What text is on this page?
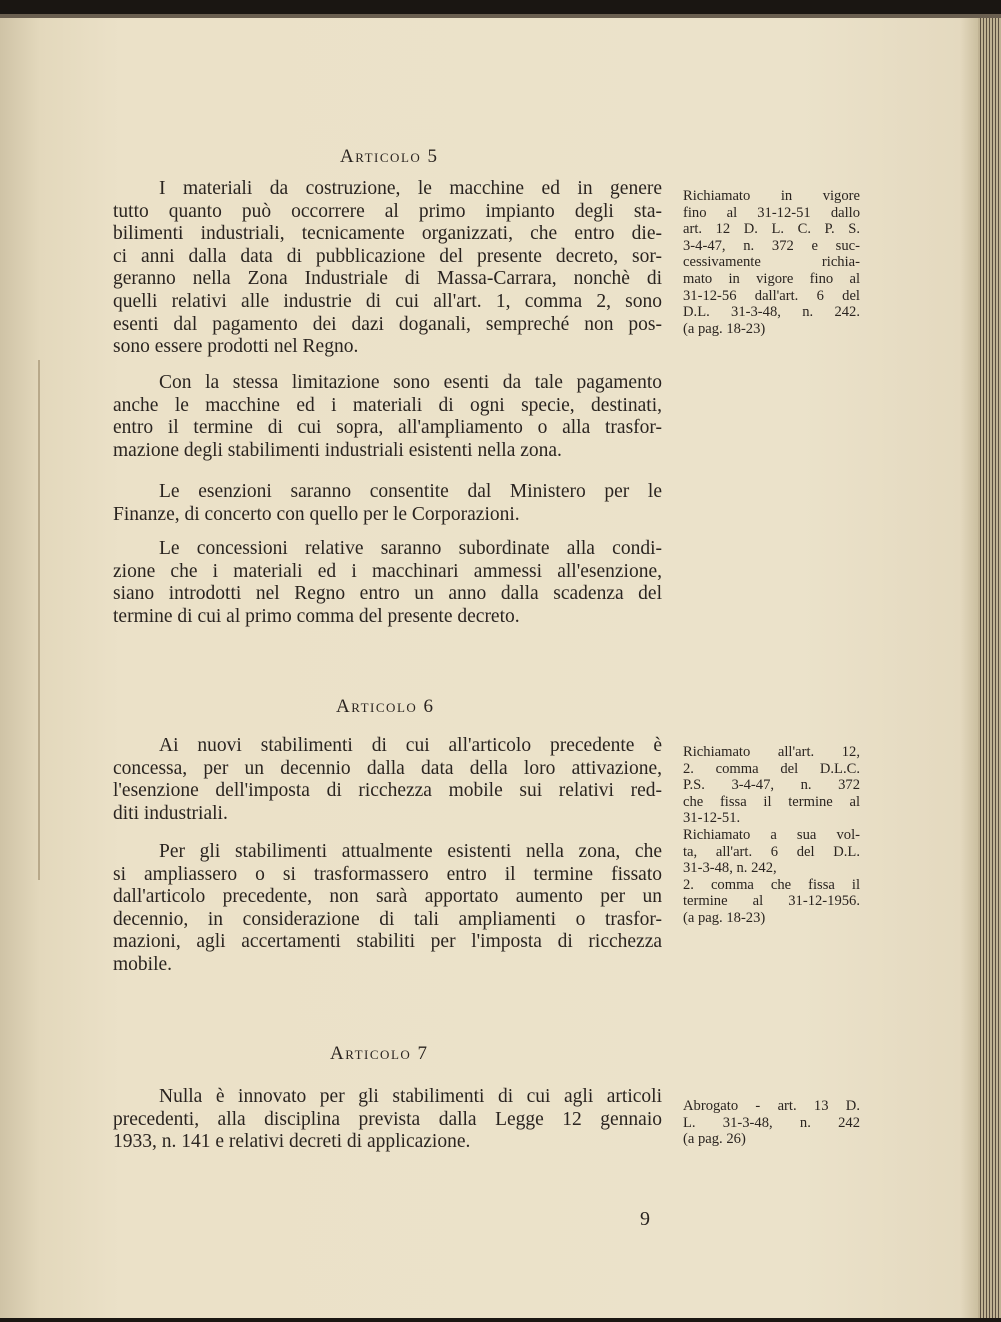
Articolo 5
I materiali da costruzione, le macchine ed in genere
tutto quanto può occorrere al primo impianto degli sta-
bilimenti industriali, tecnicamente organizzati, che entro die-
ci anni dalla data di pubblicazione del presente decreto, sor-
geranno nella Zona Industriale di Massa-Carrara, nonchè di
quelli relativi alle industrie di cui all'art. 1, comma 2, sono
esenti dal pagamento dei dazi doganali, sempreché non pos-
sono essere prodotti nel Regno.
Con la stessa limitazione sono esenti da tale pagamento
anche le macchine ed i materiali di ogni specie, destinati,
entro il termine di cui sopra, all'ampliamento o alla trasfor-
mazione degli stabilimenti industriali esistenti nella zona.
Le esenzioni saranno consentite dal Ministero per le
Finanze, di concerto con quello per le Corporazioni.
Le concessioni relative saranno subordinate alla condi-
zione che i materiali ed i macchinari ammessi all'esenzione,
siano introdotti nel Regno entro un anno dalla scadenza del
termine di cui al primo comma del presente decreto.
Richiamato in vigore
fino al 31-12-51 dallo
art. 12 D. L. C. P. S.
3-4-47, n. 372 e suc-
cessivamente richia-
mato in vigore fino al
31-12-56 dall'art. 6 del
D.L. 31-3-48, n. 242.
(a pag. 18-23)
Articolo 6
Ai nuovi stabilimenti di cui all'articolo precedente è
concessa, per un decennio dalla data della loro attivazione,
l'esenzione dell'imposta di ricchezza mobile sui relativi red-
diti industriali.
Per gli stabilimenti attualmente esistenti nella zona, che
si ampliassero o si trasformassero entro il termine fissato
dall'articolo precedente, non sarà apportato aumento per un
decennio, in considerazione di tali ampliamenti o trasfor-
mazioni, agli accertamenti stabiliti per l'imposta di ricchezza
mobile.
Richiamato all'art. 12,
2. comma del D.L.C.
P.S. 3-4-47, n. 372
che fissa il termine al
31-12-51.
Richiamato a sua vol-
ta, all'art. 6 del D.L.
31-3-48, n. 242,
2. comma che fissa il
termine al 31-12-1956.
(a pag. 18-23)
Articolo 7
Nulla è innovato per gli stabilimenti di cui agli articoli
precedenti, alla disciplina prevista dalla Legge 12 gennaio
1933, n. 141 e relativi decreti di applicazione.
Abrogato - art. 13 D.
L. 31-3-48, n. 242
(a pag. 26)
9
